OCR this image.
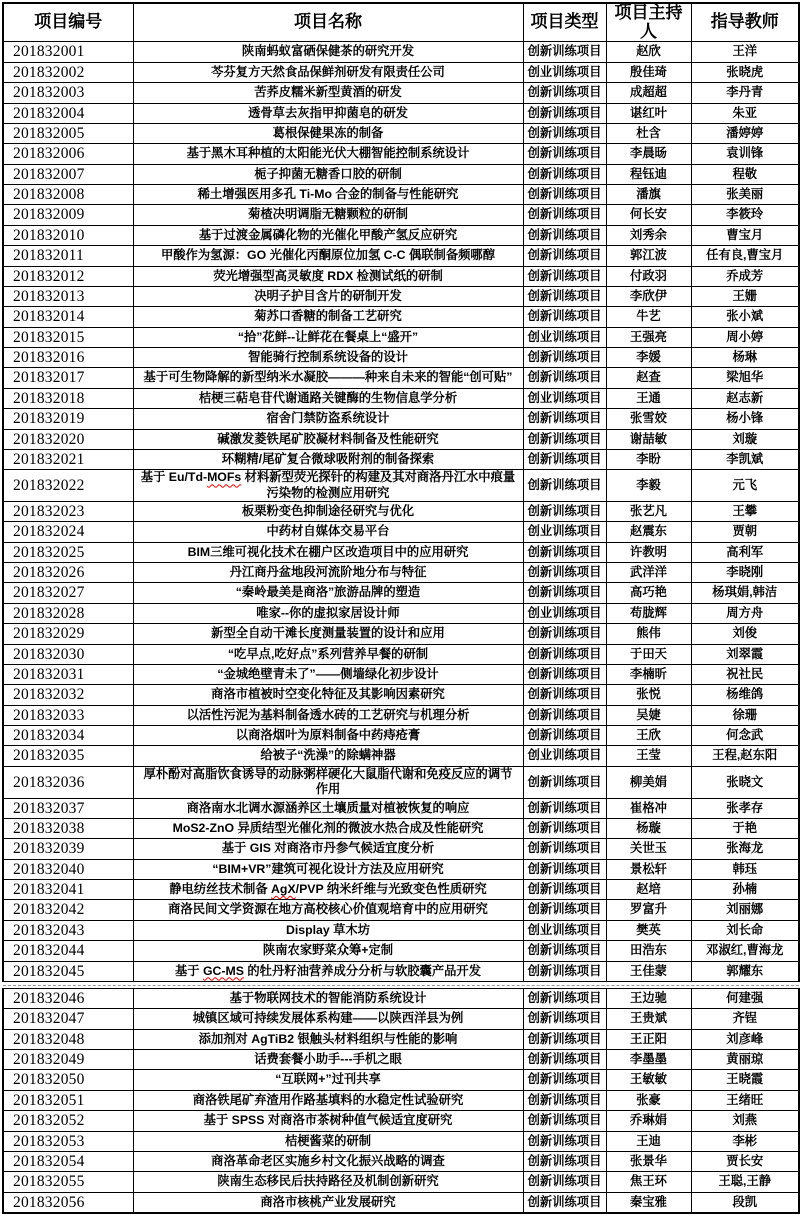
项目编号	项目名称	项目类型	项目主持人	指导教师
201832001	陕南蚂蚁富硒保健茶的研究开发	创新训练项目	赵欣	王洋
201832002	芩芬复方天然食品保鲜剂研发有限责任公司	创业训练项目	殷佳琦	张晓虎
201832003	苦荞皮糯米新型黄酒的研发	创新训练项目	成超超	李丹青
201832004	透骨草去灰指甲抑菌皂的研发	创新训练项目	谌红叶	朱亚
201832005	葛根保健果冻的制备	创新训练项目	杜含	潘婷婷
201832006	基于黑木耳种植的太阳能光伏大棚智能控制系统设计	创新训练项目	李晨旸	袁训锋
201832007	栀子抑菌无糖香口胶的研制	创新训练项目	程钰迪	程敬
201832008	稀土增强医用多孔 Ti-Mo 合金的制备与性能研究	创新训练项目	潘旗	张美丽
201832009	菊楂决明调脂无糖颗粒的研制	创新训练项目	何长安	李筱玲
201832010	基于过渡金属磷化物的光催化甲酸产氢反应研究	创新训练项目	刘秀余	曹宝月
201832011	甲酸作为氢源：GO 光催化丙酮原位加氢 C-C 偶联制备频哪醇	创新训练项目	郭江波	任有良,曹宝月
201832012	荧光增强型高灵敏度 RDX 检测试纸的研制	创新训练项目	付政羽	乔成芳
201832013	决明子护目含片的研制开发	创新训练项目	李欣伊	王姗
201832014	菊苏口香糖的制备工艺研究	创新训练项目	牛艺	张小斌
201832015	“拾”花鲜--让鲜花在餐桌上“盛开”	创业训练项目	王强亮	周小婷
201832016	智能骑行控制系统设备的设计	创新训练项目	李媛	杨琳
201832017	基于可生物降解的新型纳米水凝胶———种来自未来的智能“创可贴”	创新训练项目	赵查	梁旭华
201832018	桔梗三萜皂苷代谢通路关键酶的生物信息学分析	创业训练项目	王通	赵志新
201832019	宿舍门禁防盗系统设计	创新训练项目	张雪姣	杨小锋
201832020	碱激发菱铁尾矿胶凝材料制备及性能研究	创新训练项目	谢喆敏	刘璇
201832021	环糊精/尾矿复合微球吸附剂的制备探索	创新训练项目	李盼	李凯斌
201832022	基于 Eu/Td-MOFs 材料新型荧光探针的构建及其对商洛丹江水中痕量污染物的检测应用研究	创新训练项目	李毅	元飞
201832023	板栗粉变色抑制途径研究与优化	创新训练项目	张艺凡	王攀
201832024	中药材自媒体交易平台	创业训练项目	赵震东	贾朝
201832025	BIM三维可视化技术在棚户区改造项目中的应用研究	创新训练项目	许教明	高利军
201832026	丹江商丹盆地段河流阶地分布与特征	创新训练项目	武洋洋	李晓刚
201832027	“秦岭最美是商洛”旅游品牌的塑造	创新训练项目	高巧艳	杨琪娟,韩洁
201832028	唯家--你的虚拟家居设计师	创业训练项目	苟胧辉	周方舟
201832029	新型全自动干滩长度测量装置的设计和应用	创新训练项目	熊伟	刘俊
201832030	“吃早点,吃好点”系列营养早餐的研制	创新训练项目	于田天	刘翠霞
201832031	“金城绝壁青未了”——侧墙绿化初步设计	创新训练项目	李楠昕	祝社民
201832032	商洛市植被时空变化特征及其影响因素研究	创新训练项目	张悦	杨维鸽
201832033	以活性污泥为基料制备透水砖的工艺研究与机理分析	创新训练项目	吴婕	徐珊
201832034	以商洛烟叶为原料制备中药痔疮膏	创新训练项目	王欣	何念武
201832035	给被子“洗澡”的除螨神器	创业训练项目	王莹	王程,赵东阳
201832036	厚朴酚对高脂饮食诱导的动脉粥样硬化大鼠脂代谢和免疫反应的调节作用	创新训练项目	柳美娟	张晓文
201832037	商洛南水北调水源涵养区土壤质量对植被恢复的响应	创新训练项目	崔格冲	张孝存
201832038	MoS2-ZnO 异质结型光催化剂的微波水热合成及性能研究	创新训练项目	杨璇	于艳
201832039	基于 GIS 对商洛市丹参气候适宜度分析	创新训练项目	关世玉	张海龙
201832040	“BIM+VR”建筑可视化设计方法及应用研究	创新训练项目	景松轩	韩珏
201832041	静电纺丝技术制备 AgX/PVP 纳米纤维与光致变色性质研究	创新训练项目	赵培	孙楠
201832042	商洛民间文学资源在地方高校核心价值观培育中的应用研究	创新训练项目	罗富升	刘丽娜
201832043	Display 草木坊	创业训练项目	樊英	刘长命
201832044	陕南农家野菜众筹+定制	创新训练项目	田浩东	邓淑红,曹海龙
201832045	基于 GC-MS 的牡丹籽油营养成分分析与软胶囊产品开发	创新训练项目	王佳蒙	郭耀东

201832046	基于物联网技术的智能消防系统设计	创新训练项目	王边驰	何建强
201832047	城镇区域可持续发展体系构建——以陕西洋县为例	创新训练项目	王贵斌	齐锃
201832048	添加剂对 AgTiB2 银触头材料组织与性能的影响	创新训练项目	王正阳	刘彦峰
201832049	话费套餐小助手---手机之眼	创新训练项目	李墨墨	黄丽琼
201832050	“互联网+”过刊共享	创新训练项目	王敏敏	王晓霞
201832051	商洛铁尾矿弃渣用作路基填料的水稳定性试验研究	创新训练项目	张豪	王绪旺
201832052	基于 SPSS 对商洛市茶树种值气候适宜度研究	创新训练项目	乔琳娟	刘燕
201832053	桔梗酱菜的研制	创新训练项目	王迪	李彬
201832054	商洛革命老区实施乡村文化振兴战略的调查	创新训练项目	张景华	贾长安
201832055	陕南生态移民后扶持路径及机制创新研究	创新训练项目	焦王环	王聪,王静
201832056	商洛市核桃产业发展研究	创新训练项目	秦宝雅	段凯
